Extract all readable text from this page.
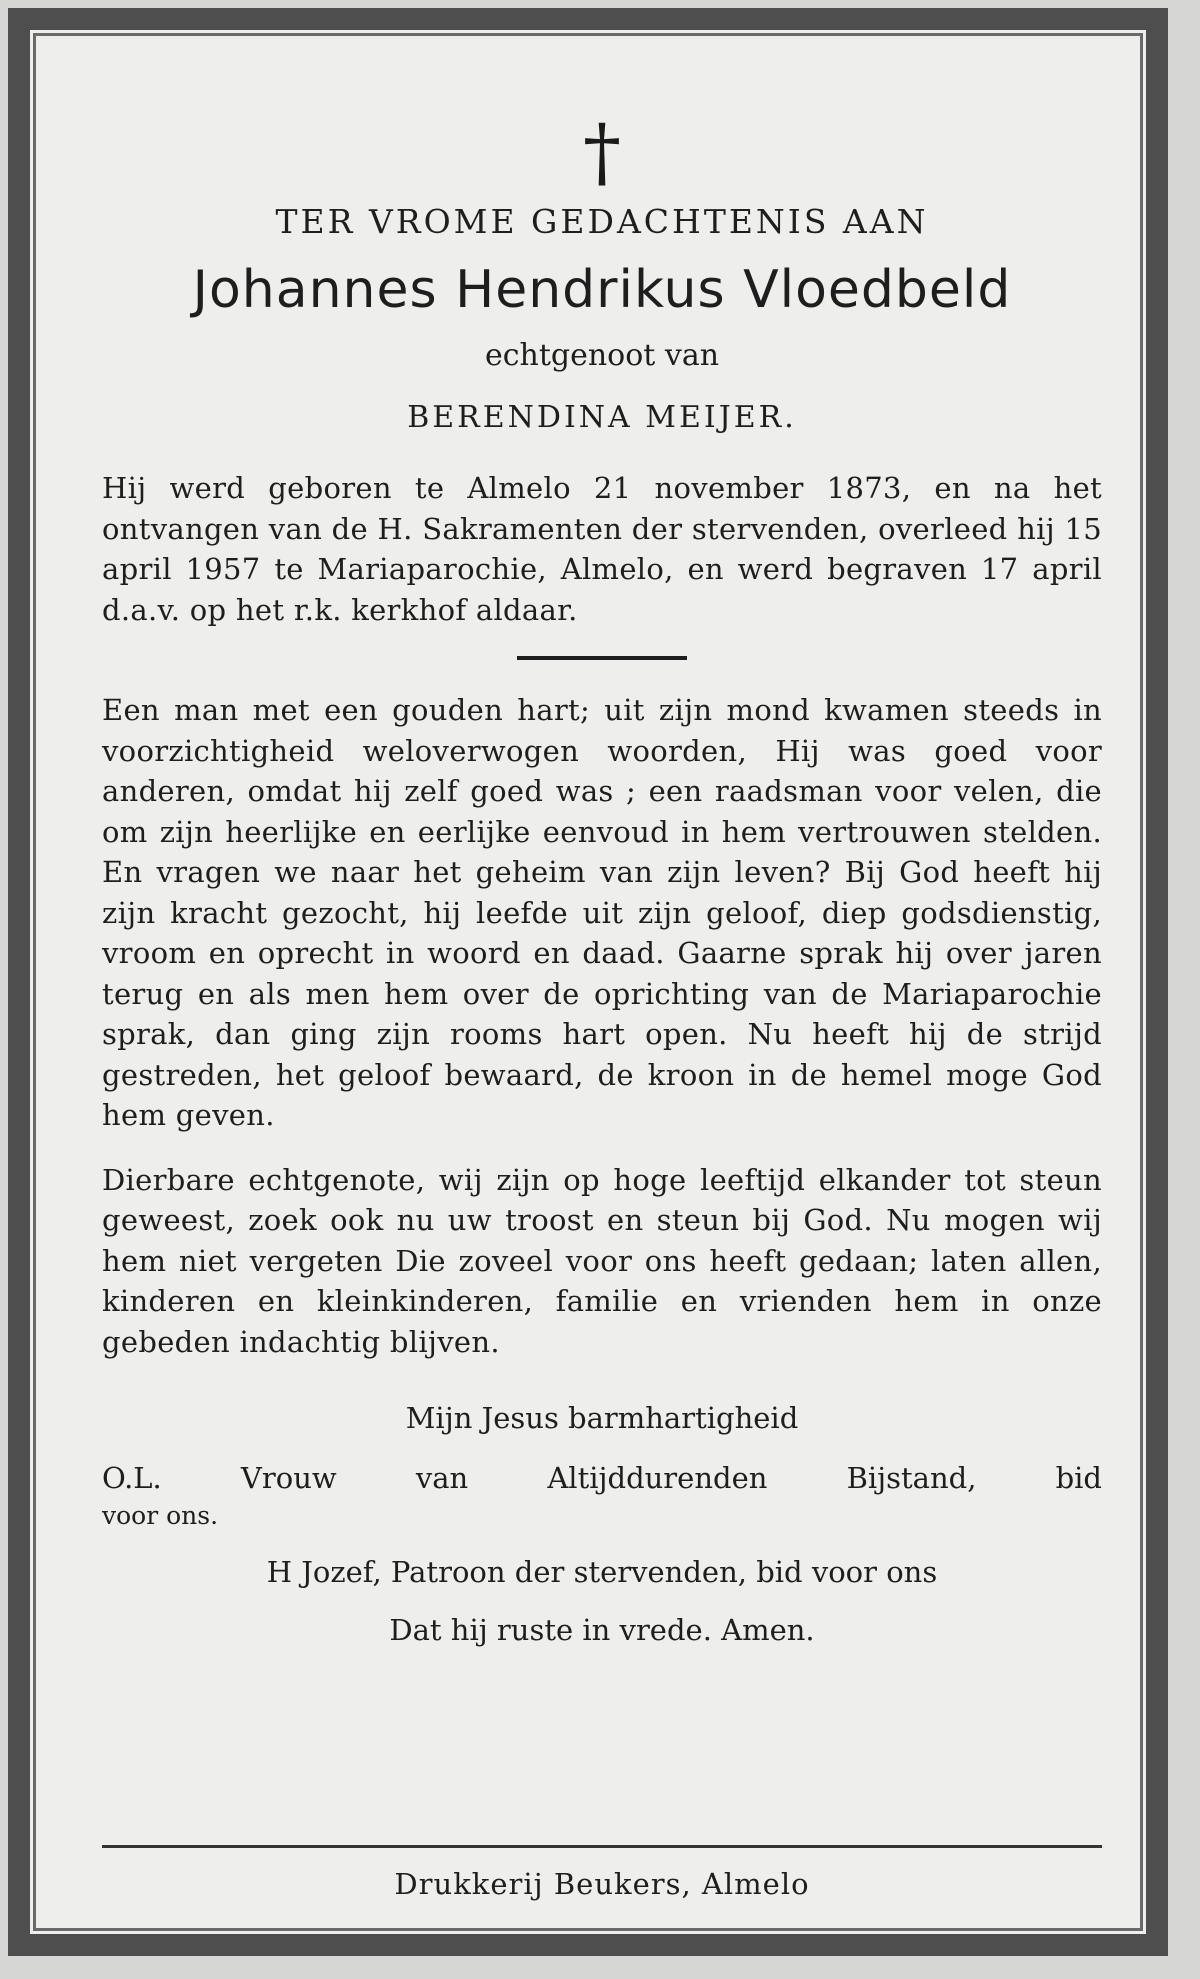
†
TER VROME GEDACHTENIS AAN
Johannes Hendrikus Vloedbeld
echtgenoot van
BERENDINA MEIJER.

Hij werd geboren te Almelo 21 november 1873, en na het ontvangen van de H. Sakramenten der stervenden, overleed hij 15 april 1957 te Mariaparochie, Almelo, en werd begraven 17 april d.a.v. op het r.k. kerkhof aldaar.

Een man met een gouden hart; uit zijn mond kwamen steeds in voorzichtigheid weloverwogen woorden, Hij was goed voor anderen, omdat hij zelf goed was ; een raadsman voor velen, die om zijn heerlijke en eerlijke eenvoud in hem vertrouwen stelden. En vragen we naar het geheim van zijn leven? Bij God heeft hij zijn kracht gezocht, hij leefde uit zijn geloof, diep godsdienstig, vroom en oprecht in woord en daad. Gaarne sprak hij over jaren terug en als men hem over de oprichting van de Mariaparochie sprak, dan ging zijn rooms hart open. Nu heeft hij de strijd gestreden, het geloof bewaard, de kroon in de hemel moge God hem geven.

Dierbare echtgenote, wij zijn op hoge leeftijd elkander tot steun geweest, zoek ook nu uw troost en steun bij God. Nu mogen wij hem niet vergeten Die zoveel voor ons heeft gedaan; laten allen, kinderen en kleinkinderen, familie en vrienden hem in onze gebeden indachtig blijven.

Mijn Jesus barmhartigheid
O.L. Vrouw van Altijddurenden Bijstand, bid
voor ons.
H Jozef, Patroon der stervenden, bid voor ons
Dat hij ruste in vrede. Amen.
Drukkerij Beukers, Almelo
